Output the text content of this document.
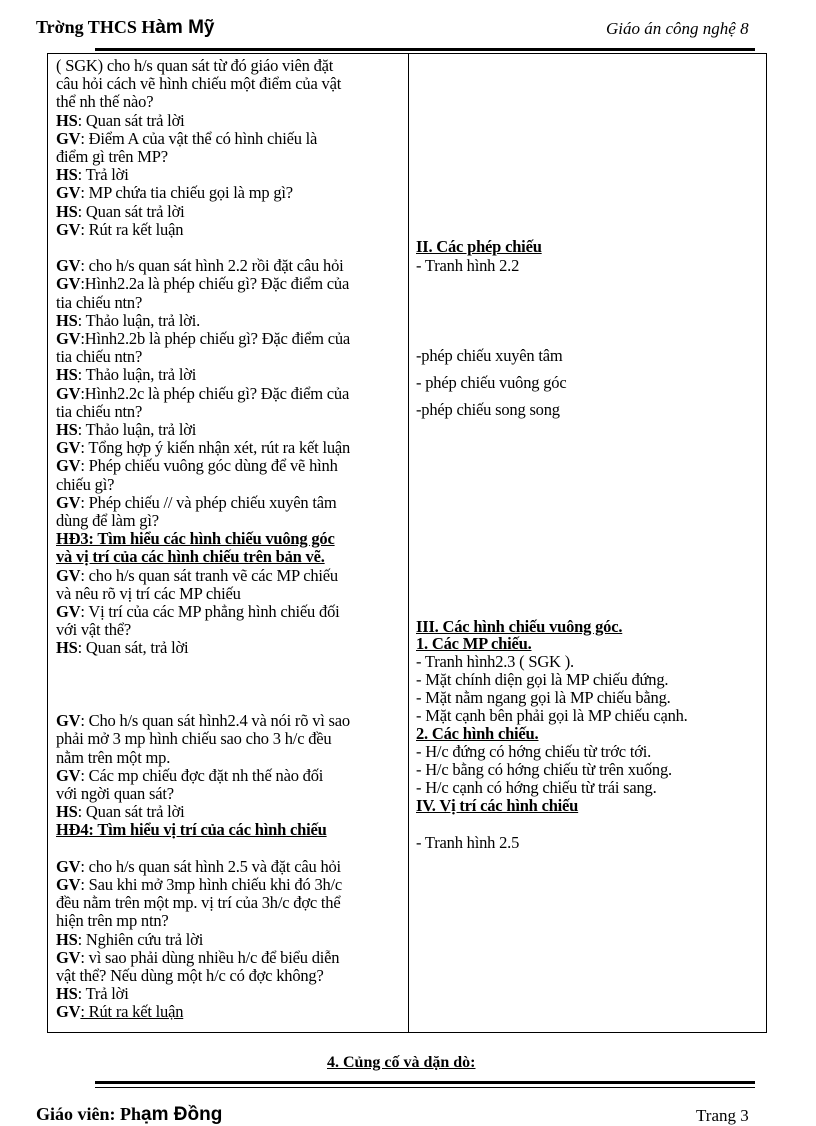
Trờng THCS Hàm Mỹ	Giáo án công nghệ 8
( SGK) cho h/s quan sát từ đó giáo viên đặt
câu hỏi cách vẽ hình chiếu một điểm của vật
thể nh thế nào?
HS: Quan sát trả lời
GV: Điểm A của vật thể có hình chiếu là
điểm gì trên MP?
HS: Trả lời
GV: MP chứa tia chiếu gọi là mp gì?
HS: Quan sát trả lời
GV: Rút ra kết luận
GV: cho h/s quan sát hình 2.2 rồi đặt câu hỏi
GV:Hình2.2a là phép chiếu gì? Đặc điểm của
tia chiếu ntn?
HS: Thảo luận, trả lời.
GV:Hình2.2b là phép chiếu gì? Đặc điểm của
tia chiếu ntn?
HS: Thảo luận, trả lời
GV:Hình2.2c là phép chiếu gì? Đặc điểm của
tia chiếu ntn?
HS: Thảo luận, trả lời
GV: Tổng hợp ý kiến nhận xét, rút ra kết luận
GV: Phép chiếu vuông góc dùng để vẽ hình
chiếu gì?
GV: Phép chiếu // và phép chiếu xuyên tâm
dùng để làm gì?
HĐ3: Tìm hiểu các hình chiếu vuông góc
và vị trí của các hình chiếu trên bản vẽ.
GV: cho h/s quan sát tranh vẽ các MP chiếu
và nêu rõ vị trí các MP chiếu
GV: Vị trí của các MP phẳng hình chiếu đối
với vật thể?
HS: Quan sát, trả lời
GV: Cho h/s quan sát hình2.4 và nói rõ vì sao
phải mở 3 mp hình chiếu sao cho 3 h/c đều
nằm trên một mp.
GV: Các mp chiếu đợc đặt nh thế nào đối
với ngời quan sát?
HS: Quan sát trả lời
HĐ4: Tìm hiểu vị trí của các hình chiếu
GV: cho h/s quan sát hình 2.5 và đặt câu hỏi
GV: Sau khi mở 3mp hình chiếu khi đó 3h/c
đều nằm trên một mp. vị trí của 3h/c đợc thể
hiện trên mp ntn?
HS: Nghiên cứu trả lời
GV: vì sao phải dùng nhiều h/c để biểu diễn
vật thể? Nếu dùng một h/c có đợc không?
HS: Trả lời
GV: Rút ra kết luận
II. Các phép chiếu
- Tranh hình 2.2
-phép chiếu xuyên tâm
- phép chiếu vuông góc
-phép chiếu song song
III. Các hình chiếu vuông góc.
1. Các MP chiếu.
- Tranh hình2.3 ( SGK ).
- Mặt chính diện gọi là MP chiếu đứng.
- Mặt nằm ngang gọi là MP chiếu bằng.
- Mặt cạnh bên phải gọi là MP chiếu cạnh.
2. Các hình chiếu.
- H/c đứng có hớng chiếu từ trớc tới.
- H/c bằng có hớng chiếu từ trên xuống.
- H/c cạnh có hớng chiếu từ trái sang.
IV. Vị trí các hình chiếu
- Tranh hình 2.5
4. Củng cố và dặn dò:
Giáo viên: Phạm Đồng	Trang 3
